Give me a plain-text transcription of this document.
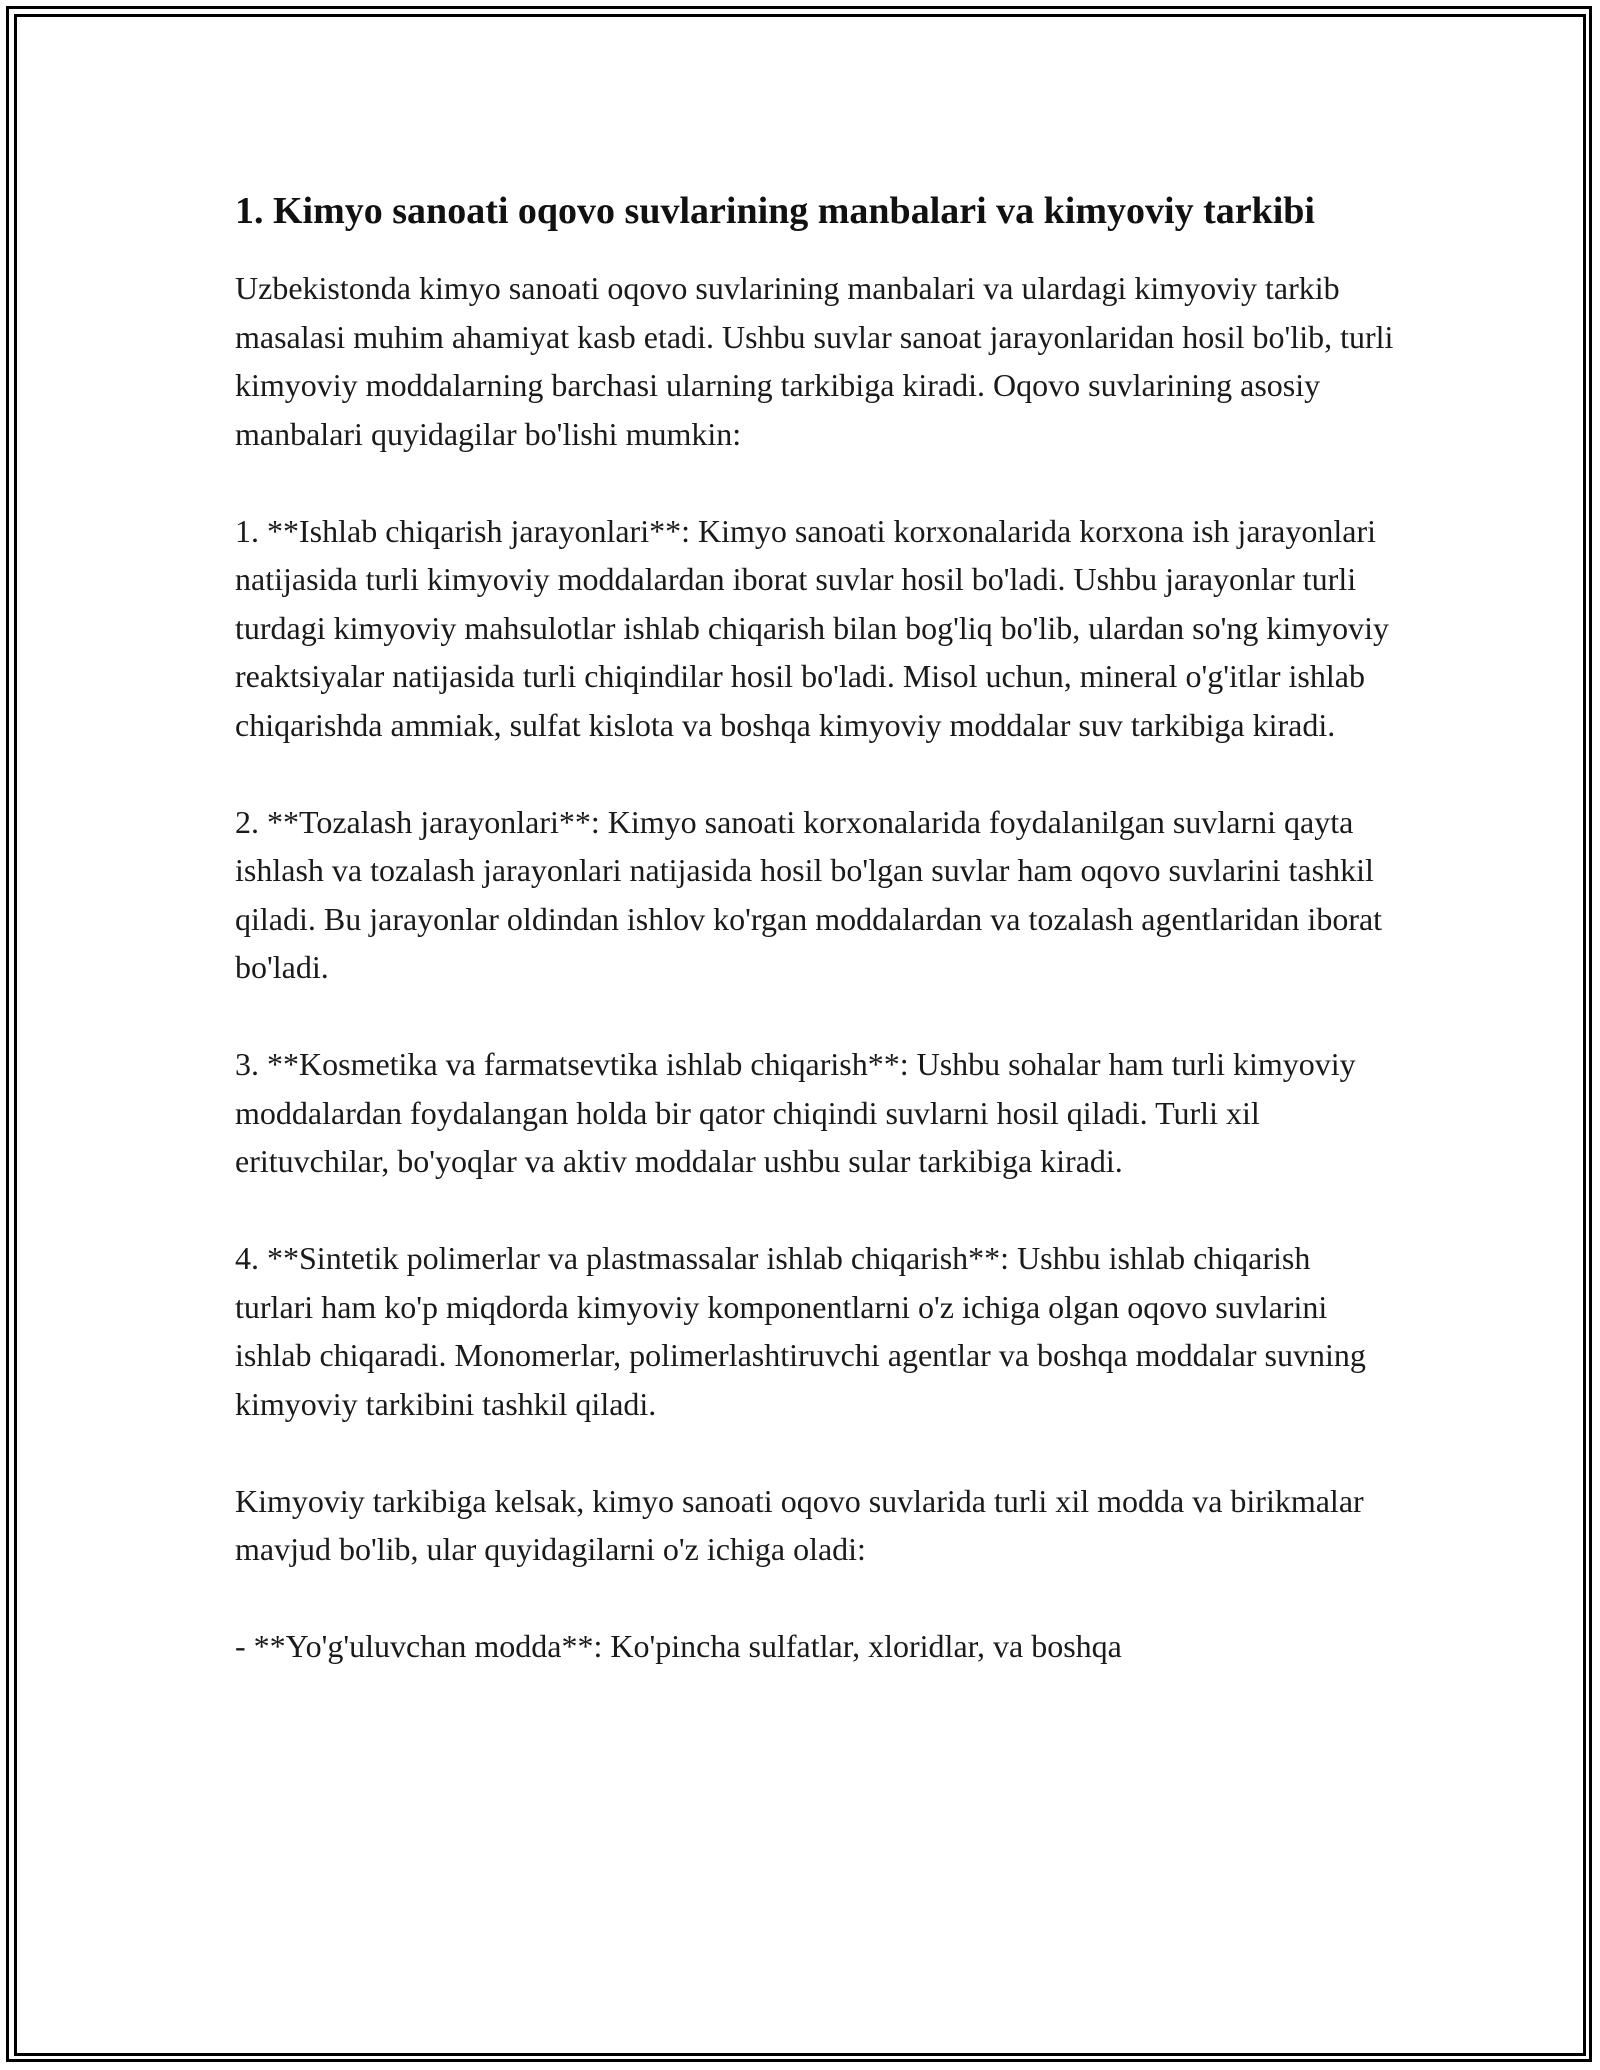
1. Kimyo sanoati oqovo suvlarining manbalari va kimyoviy tarkibi

Uzbekistonda kimyo sanoati oqovo suvlarining manbalari va ulardagi kimyoviy tarkib masalasi muhim ahamiyat kasb etadi. Ushbu suvlar sanoat jarayonlaridan hosil bo'lib, turli kimyoviy moddalarning barchasi ularning tarkibiga kiradi. Oqovo suvlarining asosiy manbalari quyidagilar bo'lishi mumkin:

1. **Ishlab chiqarish jarayonlari**: Kimyo sanoati korxonalarida korxona ish jarayonlari natijasida turli kimyoviy moddalardan iborat suvlar hosil bo'ladi. Ushbu jarayonlar turli turdagi kimyoviy mahsulotlar ishlab chiqarish bilan bog'liq bo'lib, ulardan so'ng kimyoviy reaktsiyalar natijasida turli chiqindilar hosil bo'ladi. Misol uchun, mineral o'g'itlar ishlab chiqarishda ammiak, sulfat kislota va boshqa kimyoviy moddalar suv tarkibiga kiradi.

2. **Tozalash jarayonlari**: Kimyo sanoati korxonalarida foydalanilgan suvlarni qayta ishlash va tozalash jarayonlari natijasida hosil bo'lgan suvlar ham oqovo suvlarini tashkil qiladi. Bu jarayonlar oldindan ishlov ko'rgan moddalardan va tozalash agentlaridan iborat bo'ladi.

3. **Kosmetika va farmatsevtika ishlab chiqarish**: Ushbu sohalar ham turli kimyoviy moddalardan foydalangan holda bir qator chiqindi suvlarni hosil qiladi. Turli xil erituvchilar, bo'yoqlar va aktiv moddalar ushbu sular tarkibiga kiradi.

4. **Sintetik polimerlar va plastmassalar ishlab chiqarish**: Ushbu ishlab chiqarish turlari ham ko'p miqdorda kimyoviy komponentlarni o'z ichiga olgan oqovo suvlarini ishlab chiqaradi. Monomerlar, polimerlashtiruvchi agentlar va boshqa moddalar suvning kimyoviy tarkibini tashkil qiladi.

Kimyoviy tarkibiga kelsak, kimyo sanoati oqovo suvlarida turli xil modda va birikmalar mavjud bo'lib, ular quyidagilarni o'z ichiga oladi:

- **Yo'g'uluvchan modda**: Ko'pincha sulfatlar, xloridlar, va boshqa
